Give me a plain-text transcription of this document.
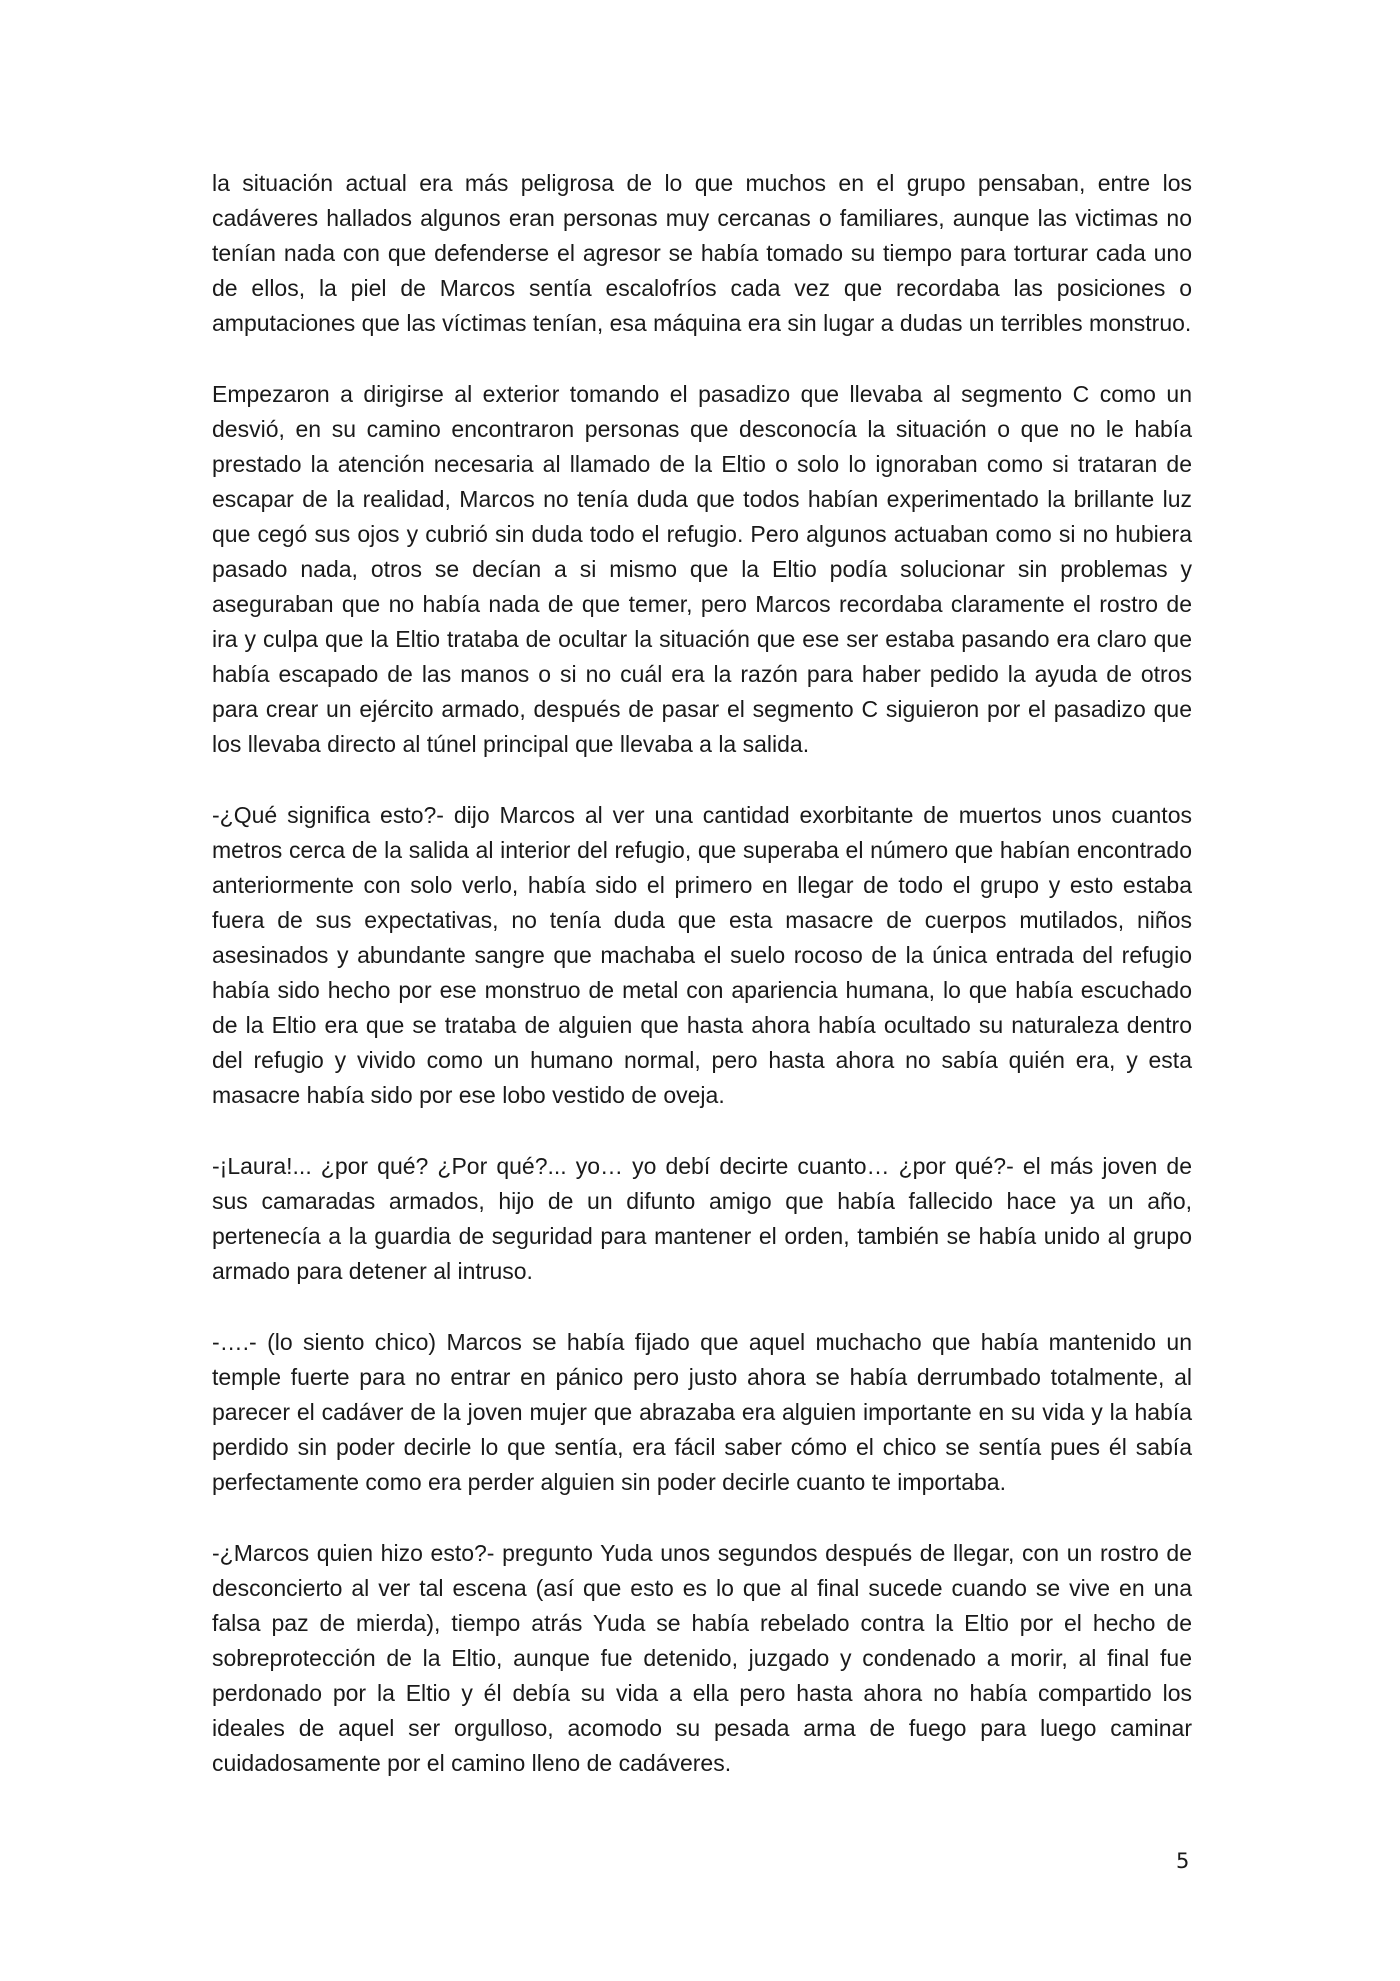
la situación actual era más peligrosa de lo que muchos en el grupo pensaban, entre los cadáveres hallados algunos eran personas muy cercanas o familiares, aunque las victimas no tenían nada con que defenderse el agresor se había tomado su tiempo para torturar cada uno de ellos, la piel de Marcos sentía escalofríos cada vez que recordaba las posiciones o amputaciones que las víctimas tenían, esa máquina era sin lugar a dudas un terribles monstruo.

Empezaron a dirigirse al exterior tomando el pasadizo que llevaba al segmento C como un desvió, en su camino encontraron personas que desconocía la situación o que no le había prestado la atención necesaria al llamado de la Eltio o solo lo ignoraban como si trataran de escapar de la realidad, Marcos no tenía duda que todos habían experimentado la brillante luz que cegó sus ojos y cubrió sin duda todo el refugio. Pero algunos actuaban como si no hubiera pasado nada, otros se decían a si mismo que la Eltio podía solucionar sin problemas y aseguraban que no había nada de que temer, pero Marcos recordaba claramente el rostro de ira y culpa que la Eltio trataba de ocultar la situación que ese ser estaba pasando era claro que había escapado de las manos o si no cuál era la razón para haber pedido la ayuda de otros para crear un ejército armado, después de pasar el segmento C siguieron por el pasadizo que los llevaba directo al túnel principal que llevaba a la salida.

-¿Qué significa esto?- dijo Marcos al ver una cantidad exorbitante de muertos unos cuantos metros cerca de la salida al interior del refugio, que superaba el número que habían encontrado anteriormente con solo verlo, había sido el primero en llegar de todo el grupo y esto estaba fuera de sus expectativas, no tenía duda que esta masacre de cuerpos mutilados, niños asesinados y abundante sangre que machaba el suelo rocoso de la única entrada del refugio había sido hecho por ese monstruo de metal con apariencia humana, lo que había escuchado de la Eltio era que se trataba de alguien que hasta ahora había ocultado su naturaleza dentro del refugio y vivido como un humano normal, pero hasta ahora no sabía quién era, y esta masacre había sido por ese lobo vestido de oveja.

-¡Laura!... ¿por qué? ¿Por qué?... yo… yo debí decirte cuanto… ¿por qué?- el más joven de sus camaradas armados, hijo de un difunto amigo que había fallecido hace ya un año, pertenecía a la guardia de seguridad para mantener el orden, también se había unido al grupo armado para detener al intruso.

-….- (lo siento chico) Marcos se había fijado que aquel muchacho que había mantenido un temple fuerte para no entrar en pánico pero justo ahora se había derrumbado totalmente, al parecer el cadáver de la joven mujer que abrazaba era alguien importante en su vida y la había perdido sin poder decirle lo que sentía, era fácil saber cómo el chico se sentía pues él sabía perfectamente como era perder alguien sin poder decirle cuanto te importaba.

-¿Marcos quien hizo esto?- pregunto Yuda unos segundos después de llegar, con un rostro de desconcierto al ver tal escena (así que esto es lo que al final sucede cuando se vive en una falsa paz de mierda), tiempo atrás Yuda se había rebelado contra la Eltio por el hecho de sobreprotección de la Eltio, aunque fue detenido, juzgado y condenado a morir, al final fue perdonado por la Eltio y él debía su vida a ella pero hasta ahora no había compartido los ideales de aquel ser orgulloso, acomodo su pesada arma de fuego para luego caminar cuidadosamente por el camino lleno de cadáveres.

5
